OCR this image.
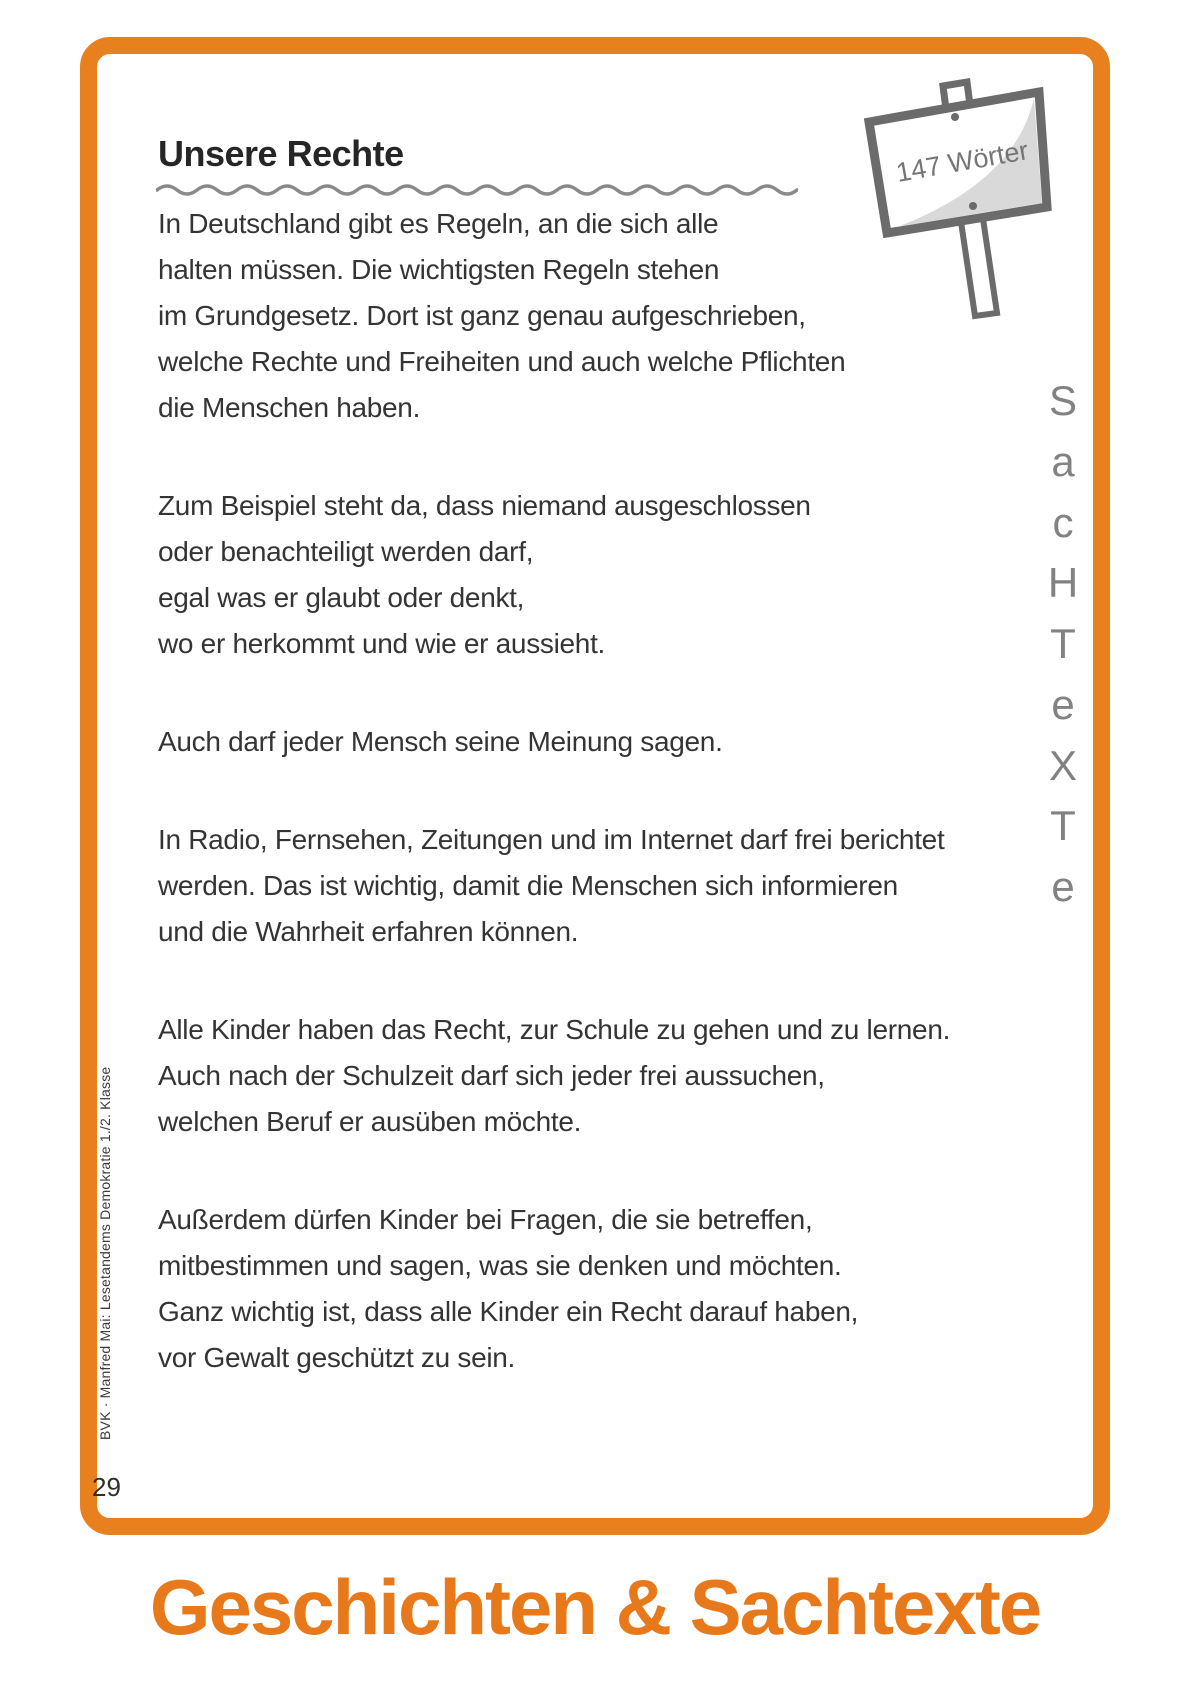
Unsere Rechte	147 Wörter

In Deutschland gibt es Regeln, an die sich alle
halten müssen. Die wichtigsten Regeln stehen
im Grundgesetz. Dort ist ganz genau aufgeschrieben,
welche Rechte und Freiheiten und auch welche Pflichten
die Menschen haben.

Zum Beispiel steht da, dass niemand ausgeschlossen
oder benachteiligt werden darf,
egal was er glaubt oder denkt,
wo er herkommt und wie er aussieht.

Auch darf jeder Mensch seine Meinung sagen.

In Radio, Fernsehen, Zeitungen und im Internet darf frei berichtet
werden. Das ist wichtig, damit die Menschen sich informieren
und die Wahrheit erfahren können.

Alle Kinder haben das Recht, zur Schule zu gehen und zu lernen.
Auch nach der Schulzeit darf sich jeder frei aussuchen,
welchen Beruf er ausüben möchte.

Außerdem dürfen Kinder bei Fragen, die sie betreffen,
mitbestimmen und sagen, was sie denken und möchten.
Ganz wichtig ist, dass alle Kinder ein Recht darauf haben,
vor Gewalt geschützt zu sein.

S
a
c
H
T
e
X
T
e
BVK · Manfred Mai: Lesetandems Demokratie 1./2. Klasse
29
Geschichten & Sachtexte
